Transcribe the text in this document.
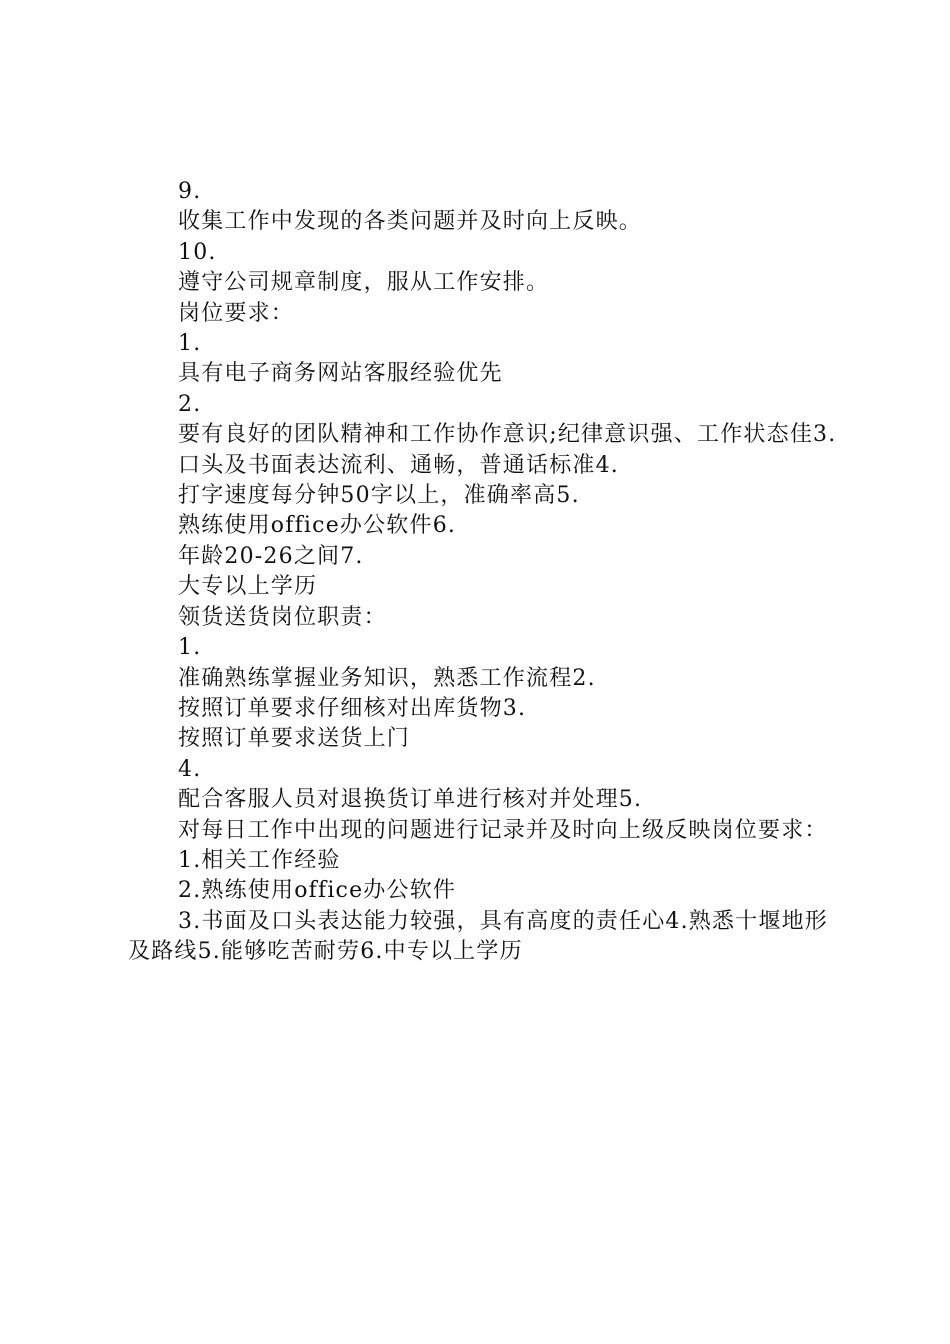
9.

收集工作中发现的各类问题并及时向上反映。

10.

遵守公司规章制度，服从工作安排。

岗位要求：

1.

具有电子商务网站客服经验优先

2.

要有良好的团队精神和工作协作意识;纪律意识强、工作状态佳3.

口头及书面表达流利、通畅，普通话标准4.

打字速度每分钟50字以上，准确率高5.

熟练使用office办公软件6.

年龄20-26之间7.

大专以上学历

领货送货岗位职责：

1.

准确熟练掌握业务知识，熟悉工作流程2.

按照订单要求仔细核对出库货物3.

按照订单要求送货上门

4.

配合客服人员对退换货订单进行核对并处理5.

对每日工作中出现的问题进行记录并及时向上级反映岗位要求：

1.相关工作经验

2.熟练使用office办公软件

3.书面及口头表达能力较强，具有高度的责任心4.熟悉十堰地形及路线5.能够吃苦耐劳6.中专以上学历
